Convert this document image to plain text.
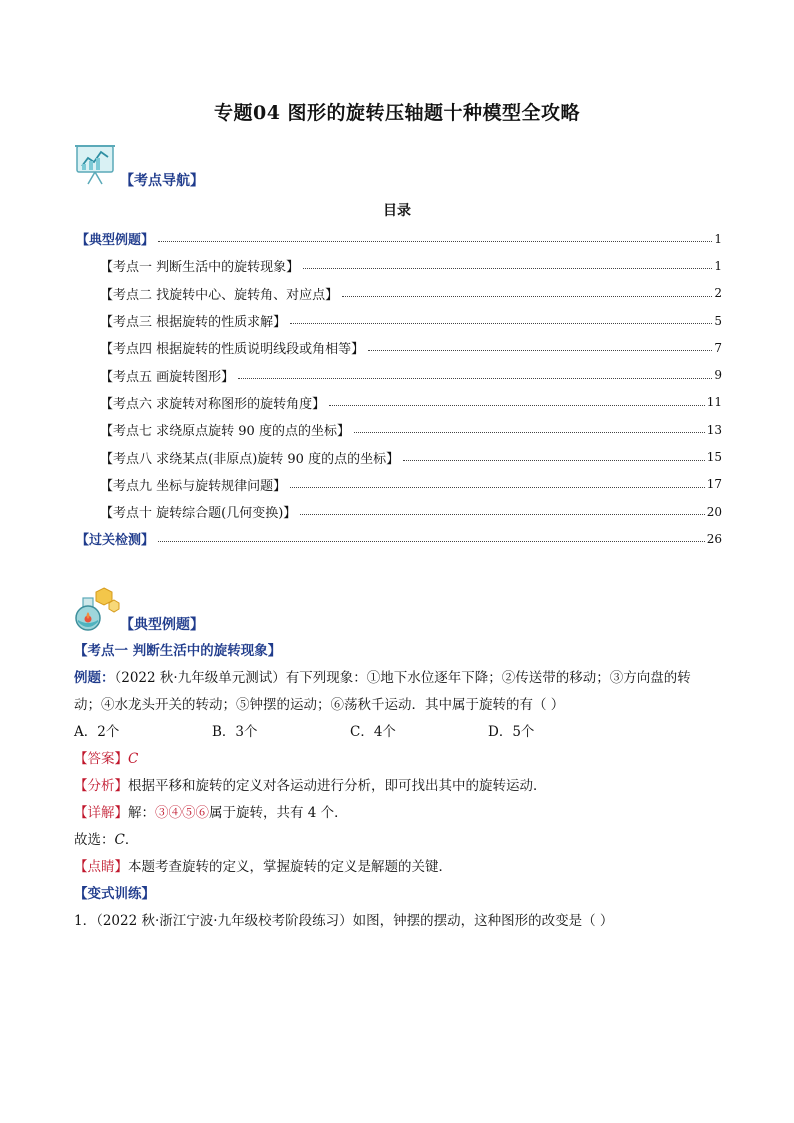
专题04 图形的旋转压轴题十种模型全攻略
【考点导航】
目录
【典型例题】	1
【考点一 判断生活中的旋转现象】	1
【考点二 找旋转中心、旋转角、对应点】	2
【考点三 根据旋转的性质求解】	5
【考点四 根据旋转的性质说明线段或角相等】	7
【考点五 画旋转图形】	9
【考点六 求旋转对称图形的旋转角度】	11
【考点七 求绕原点旋转 90 度的点的坐标】	13
【考点八 求绕某点(非原点)旋转 90 度的点的坐标】	15
【考点九 坐标与旋转规律问题】	17
【考点十 旋转综合题(几何变换)】	20
【过关检测】	26
【典型例题】

【考点一 判断生活中的旋转现象】

例题：（2022 秋·九年级单元测试）有下列现象：①地下水位逐年下降；②传送带的移动；③方向盘的转

动；④水龙头开关的转动；⑤钟摆的运动；⑥荡秋千运动．其中属于旋转的有（ ）

A．2个	B．3个	C．4个	D．5个

【答案】C

【分析】根据平移和旋转的定义对各运动进行分析，即可找出其中的旋转运动．

【详解】解：③④⑤⑥属于旋转，共有 4 个．

故选：C．

【点睛】本题考查旋转的定义，掌握旋转的定义是解题的关键．

【变式训练】

1．（2022 秋·浙江宁波·九年级校考阶段练习）如图，钟摆的摆动，这种图形的改变是（ ）
